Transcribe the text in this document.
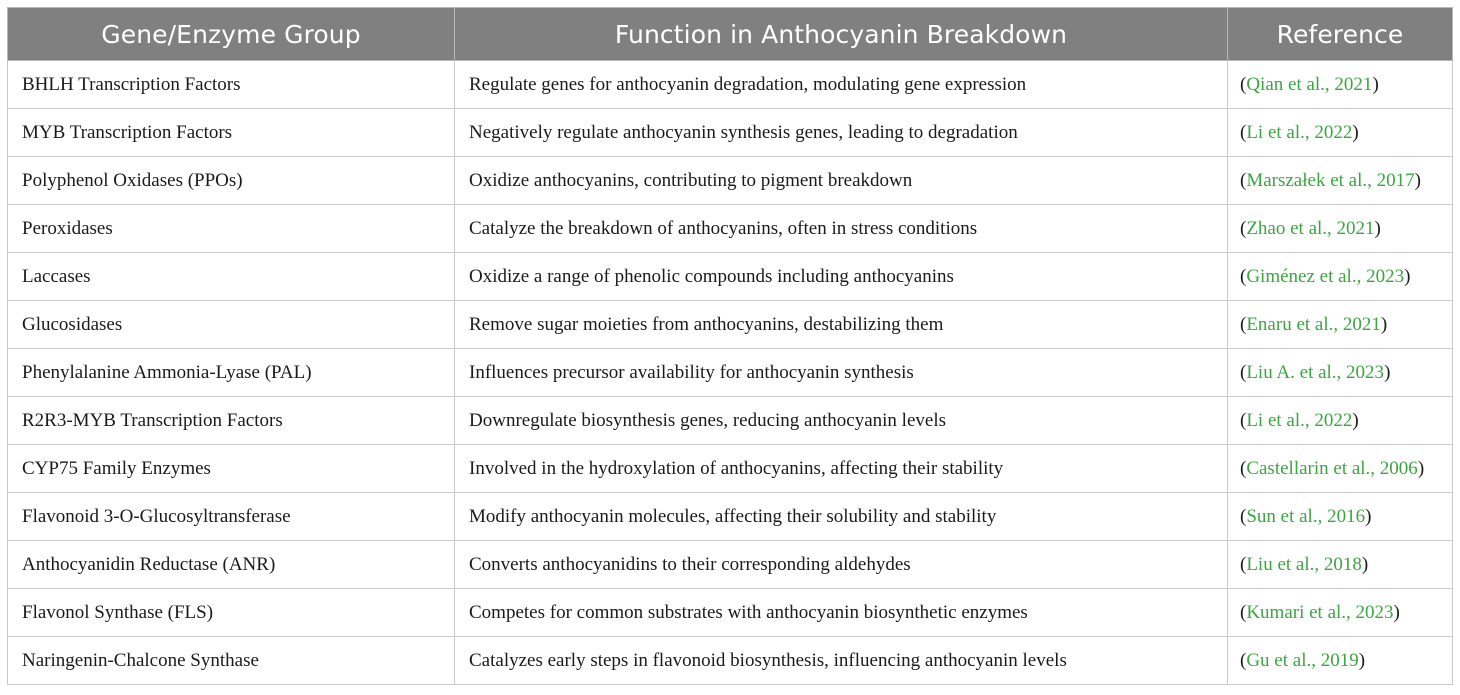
Gene/Enzyme Group	Function in Anthocyanin Breakdown	Reference
BHLH Transcription Factors	Regulate genes for anthocyanin degradation, modulating gene expression	(Qian et al., 2021)
MYB Transcription Factors	Negatively regulate anthocyanin synthesis genes, leading to degradation	(Li et al., 2022)
Polyphenol Oxidases (PPOs)	Oxidize anthocyanins, contributing to pigment breakdown	(Marszałek et al., 2017)
Peroxidases	Catalyze the breakdown of anthocyanins, often in stress conditions	(Zhao et al., 2021)
Laccases	Oxidize a range of phenolic compounds including anthocyanins	(Giménez et al., 2023)
Glucosidases	Remove sugar moieties from anthocyanins, destabilizing them	(Enaru et al., 2021)
Phenylalanine Ammonia-Lyase (PAL)	Influences precursor availability for anthocyanin synthesis	(Liu A. et al., 2023)
R2R3-MYB Transcription Factors	Downregulate biosynthesis genes, reducing anthocyanin levels	(Li et al., 2022)
CYP75 Family Enzymes	Involved in the hydroxylation of anthocyanins, affecting their stability	(Castellarin et al., 2006)
Flavonoid 3-O-Glucosyltransferase	Modify anthocyanin molecules, affecting their solubility and stability	(Sun et al., 2016)
Anthocyanidin Reductase (ANR)	Converts anthocyanidins to their corresponding aldehydes	(Liu et al., 2018)
Flavonol Synthase (FLS)	Competes for common substrates with anthocyanin biosynthetic enzymes	(Kumari et al., 2023)
Naringenin-Chalcone Synthase	Catalyzes early steps in flavonoid biosynthesis, influencing anthocyanin levels	(Gu et al., 2019)
